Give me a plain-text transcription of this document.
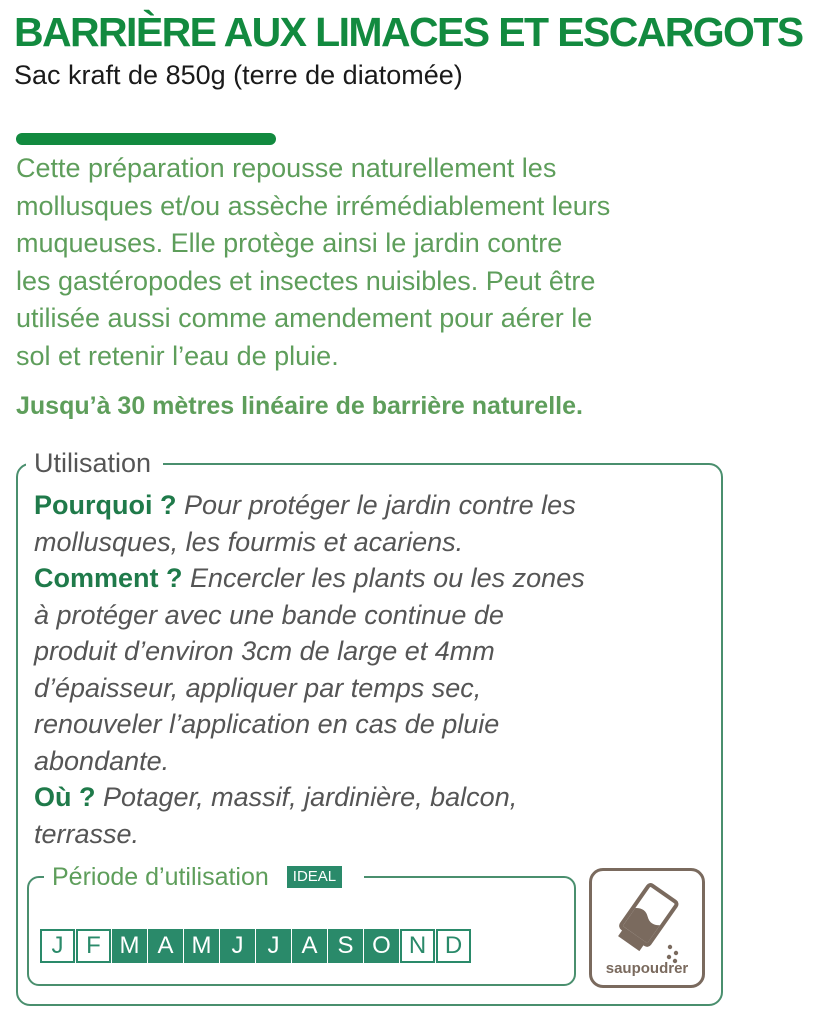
BARRIÈRE AUX LIMACES ET ESCARGOTS
Sac kraft de 850g (terre de diatomée)
Cette préparation repousse naturellement les
mollusques et/ou assèche irrémédiablement leurs
muqueuses. Elle protège ainsi le jardin contre
les gastéropodes et insectes nuisibles. Peut être
utilisée aussi comme amendement pour aérer le
sol et retenir l’eau de pluie.
Jusqu’à 30 mètres linéaire de barrière naturelle.
Utilisation
Pourquoi ? Pour protéger le jardin contre les
mollusques, les fourmis et acariens.
Comment ? Encercler les plants ou les zones
à protéger avec une bande continue de
produit d’environ 3cm de large et 4mm
d’épaisseur, appliquer par temps sec,
renouveler l’application en cas de pluie
abondante.
Où ? Potager, massif, jardinière, balcon,
terrasse.
Période d’utilisation	IDEAL
J F M A M J	J A S O N D
saupoudrer
